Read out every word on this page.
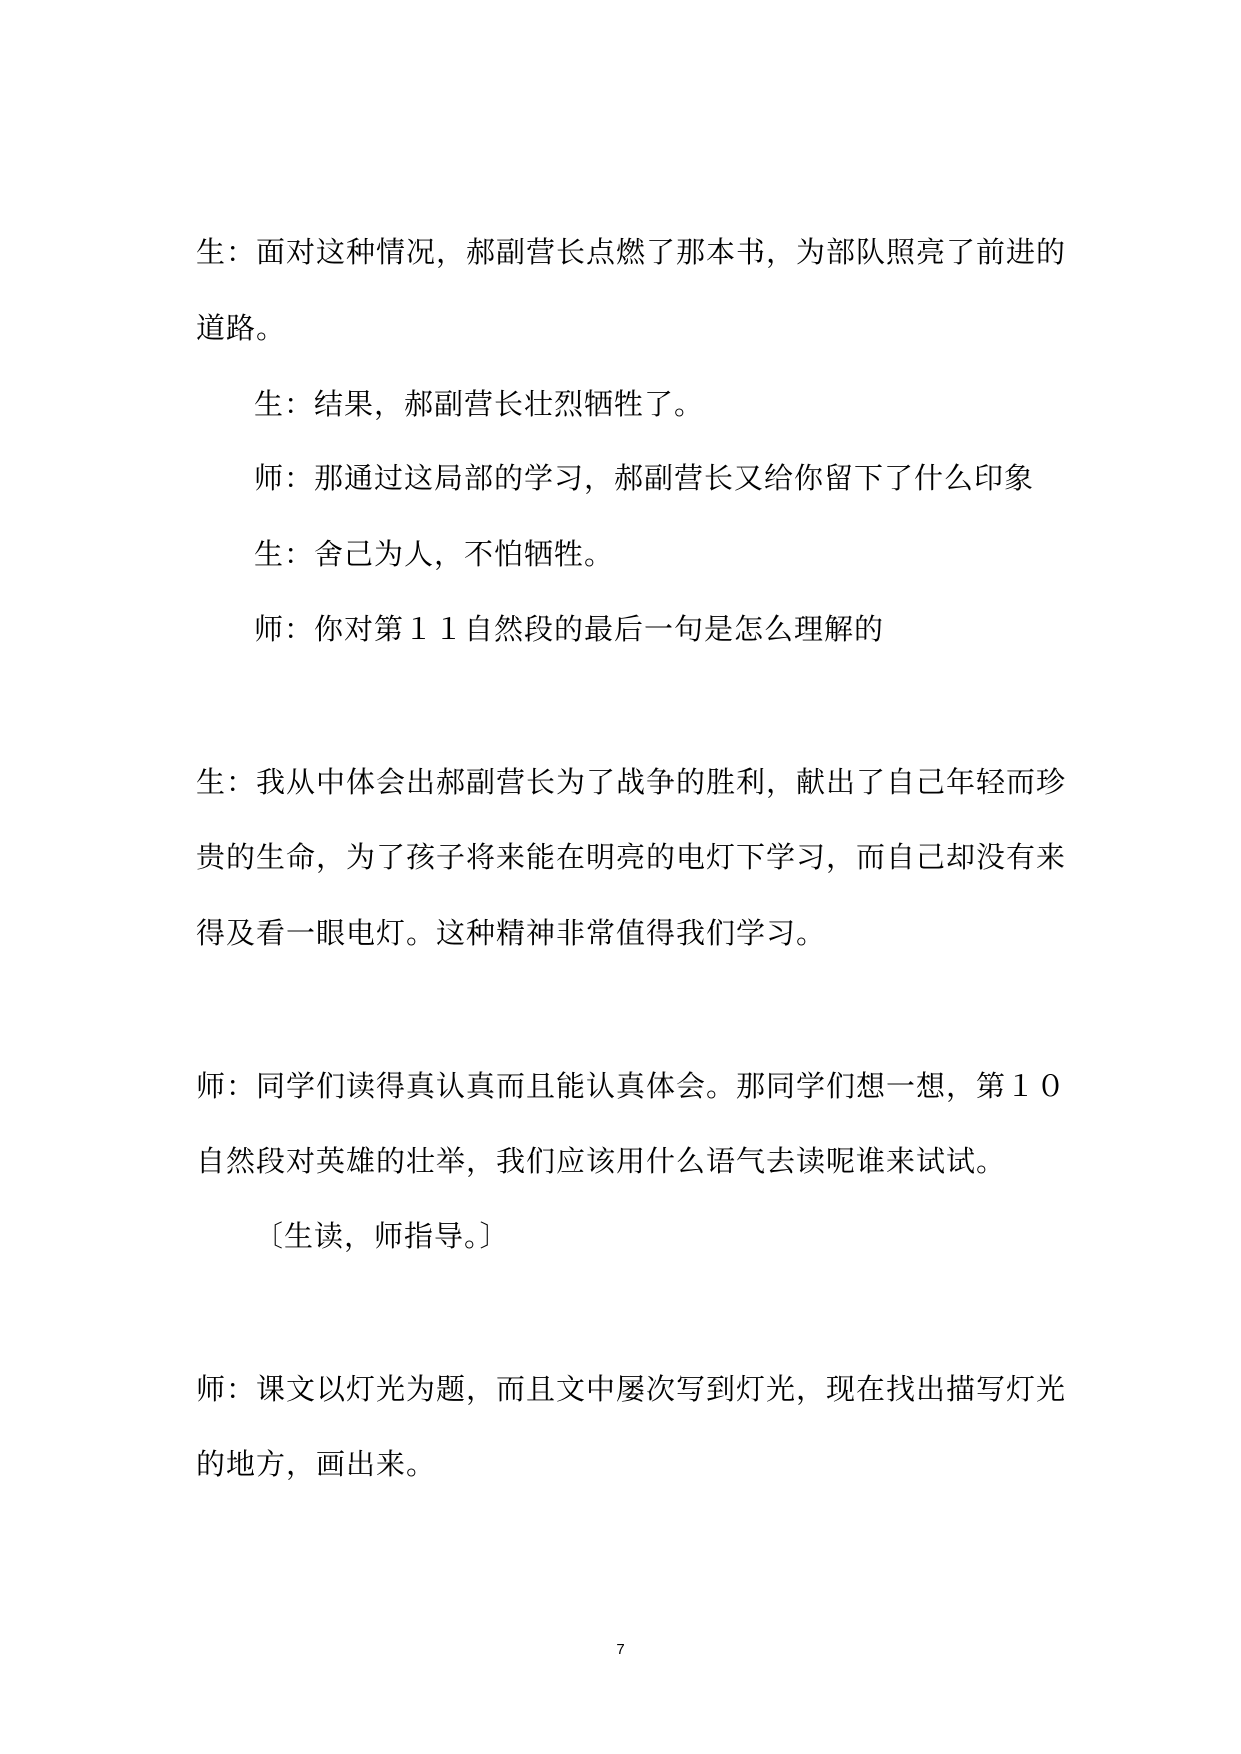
生：面对这种情况，郝副营长点燃了那本书，为部队照亮了前进的
道路。
生：结果，郝副营长壮烈牺牲了。
师：那通过这局部的学习，郝副营长又给你留下了什么印象
生：舍己为人，不怕牺牲。
师：你对第１１自然段的最后一句是怎么理解的
生：我从中体会出郝副营长为了战争的胜利，献出了自己年轻而珍
贵的生命，为了孩子将来能在明亮的电灯下学习，而自己却没有来
得及看一眼电灯。这种精神非常值得我们学习。
师：同学们读得真认真而且能认真体会。那同学们想一想，第１０
自然段对英雄的壮举，我们应该用什么语气去读呢谁来试试。
〔生读，师指导。〕
师：课文以灯光为题，而且文中屡次写到灯光，现在找出描写灯光
的地方，画出来。
7
